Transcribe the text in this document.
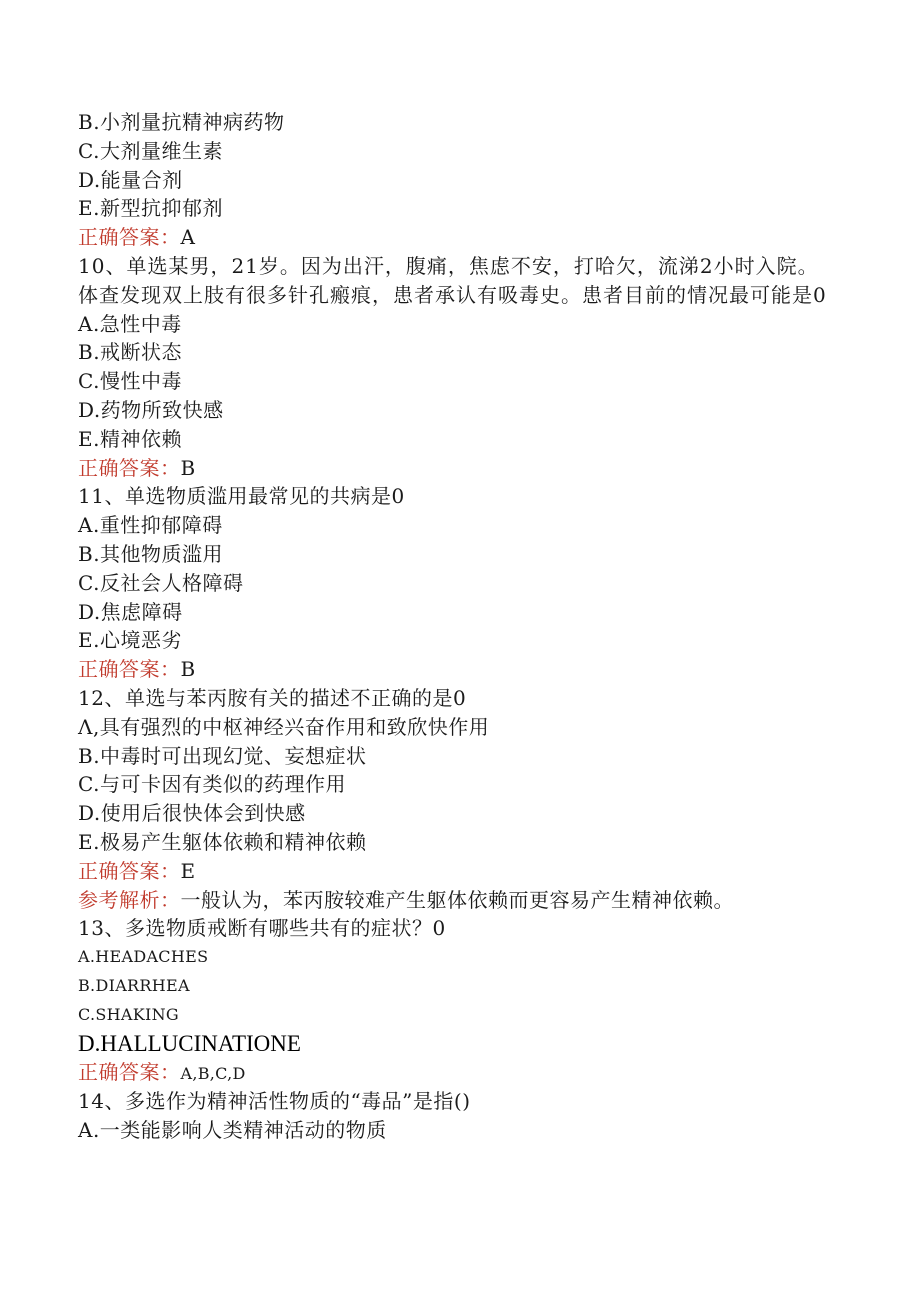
B.小剂量抗精神病药物
C.大剂量维生素
D.能量合剂
E.新型抗抑郁剂
正确答案：A
10、单选某男，21岁。因为出汗，腹痛，焦虑不安，打哈欠，流涕2小时入院。体查发现双上肢有很多针孔瘢痕，患者承认有吸毒史。患者目前的情况最可能是0
A.急性中毒
B.戒断状态
C.慢性中毒
D.药物所致快感
E.精神依赖
正确答案：B
11、单选物质滥用最常见的共病是0
A.重性抑郁障碍
B.其他物质滥用
C.反社会人格障碍
D.焦虑障碍
E.心境恶劣
正确答案：B
12、单选与苯丙胺有关的描述不正确的是0
Λ,具有强烈的中枢神经兴奋作用和致欣快作用
B.中毒时可出现幻觉、妄想症状
C.与可卡因有类似的药理作用
D.使用后很快体会到快感
E.极易产生躯体依赖和精神依赖
正确答案：E
参考解析：一般认为，苯丙胺较难产生躯体依赖而更容易产生精神依赖。
13、多选物质戒断有哪些共有的症状？0
A.HEADACHES
B.DIARRHEA
C.SHAKING
D.HALLUCINATIONE
正确答案：A,B,C,D
14、多选作为精神活性物质的“毒品”是指()
A.一类能影响人类精神活动的物质
